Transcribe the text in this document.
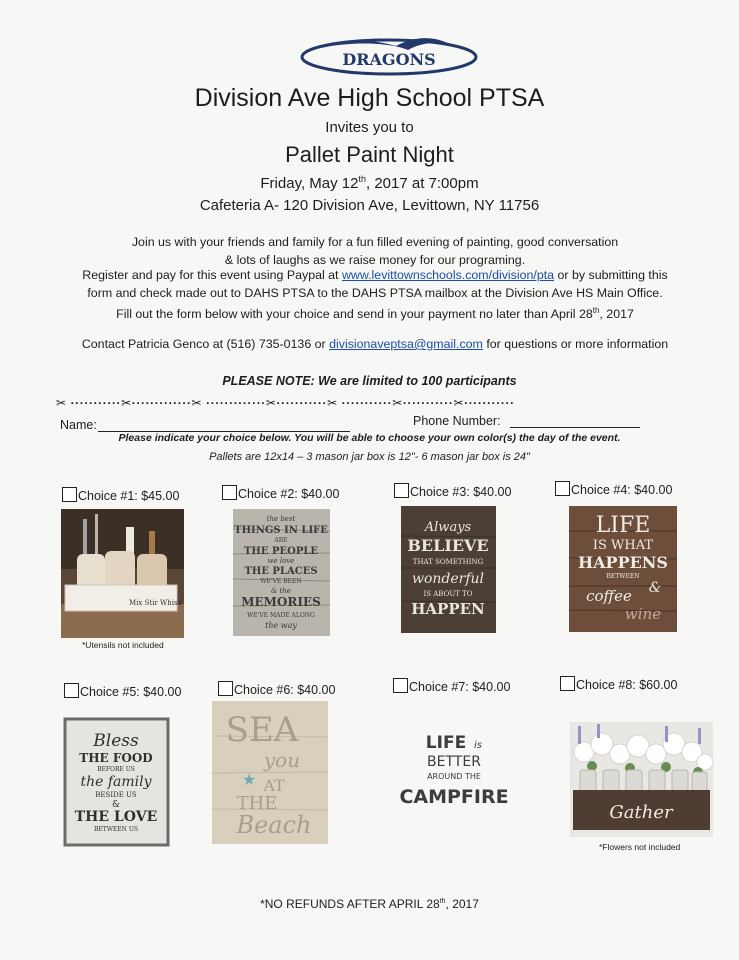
DRAGONS
Division Ave High School PTSA
Invites you to
Pallet Paint Night
Friday, May 12th, 2017 at 7:00pm
Cafeteria A- 120 Division Ave, Levittown, NY 11756
Join us with your friends and family for a fun filled evening of painting, good conversation
& lots of laughs as we raise money for our programing.
Register and pay for this event using Paypal at www.levittownschools.com/division/pta or by submitting this
form and check made out to DAHS PTSA to the DAHS PTSA mailbox at the Division Ave HS Main Office.
Fill out the form below with your choice and send in your payment no later than April 28th, 2017
Contact Patricia Genco at (516) 735-0136 or divisionaveptsa@gmail.com for questions or more information
PLEASE NOTE: We are limited to 100 participants
✂ ···········✂·············✂ ·············✂···········✂ ···········✂···········✂···········
Name:	Phone Number:
Please indicate your choice below. You will be able to choose your own color(s) the day of the event.
Pallets are 12x14 – 3 mason jar box is 12"- 6 mason jar box is 24"
Choice #1: $45.00	Choice #2: $40.00	Choice #3: $40.00	Choice #4: $40.00
Mix Stir Whisk
the best
THINGS IN LIFE
ARE
THE PEOPLE
we love
THE PLACES
WE'VE BEEN
& the
MEMORIES
WE'VE MADE ALONG
the way
Always
BELIEVE
THAT SOMETHING
wonderful
IS ABOUT TO
HAPPEN
LIFE
IS WHAT
HAPPENS
BETWEEN
coffee &
wine
*Utensils not included
Choice #5: $40.00	Choice #6: $40.00	Choice #7: $40.00	Choice #8: $60.00
Bless
THE FOOD
BEFORE US
the family
BESIDE US
&
THE LOVE
BETWEEN US
SEA
you
AT
THE
Beach
★
LIFE is
BETTER
AROUND THE
CAMPFIRE
Gather
*Flowers not included
*NO REFUNDS AFTER APRIL 28th, 2017
